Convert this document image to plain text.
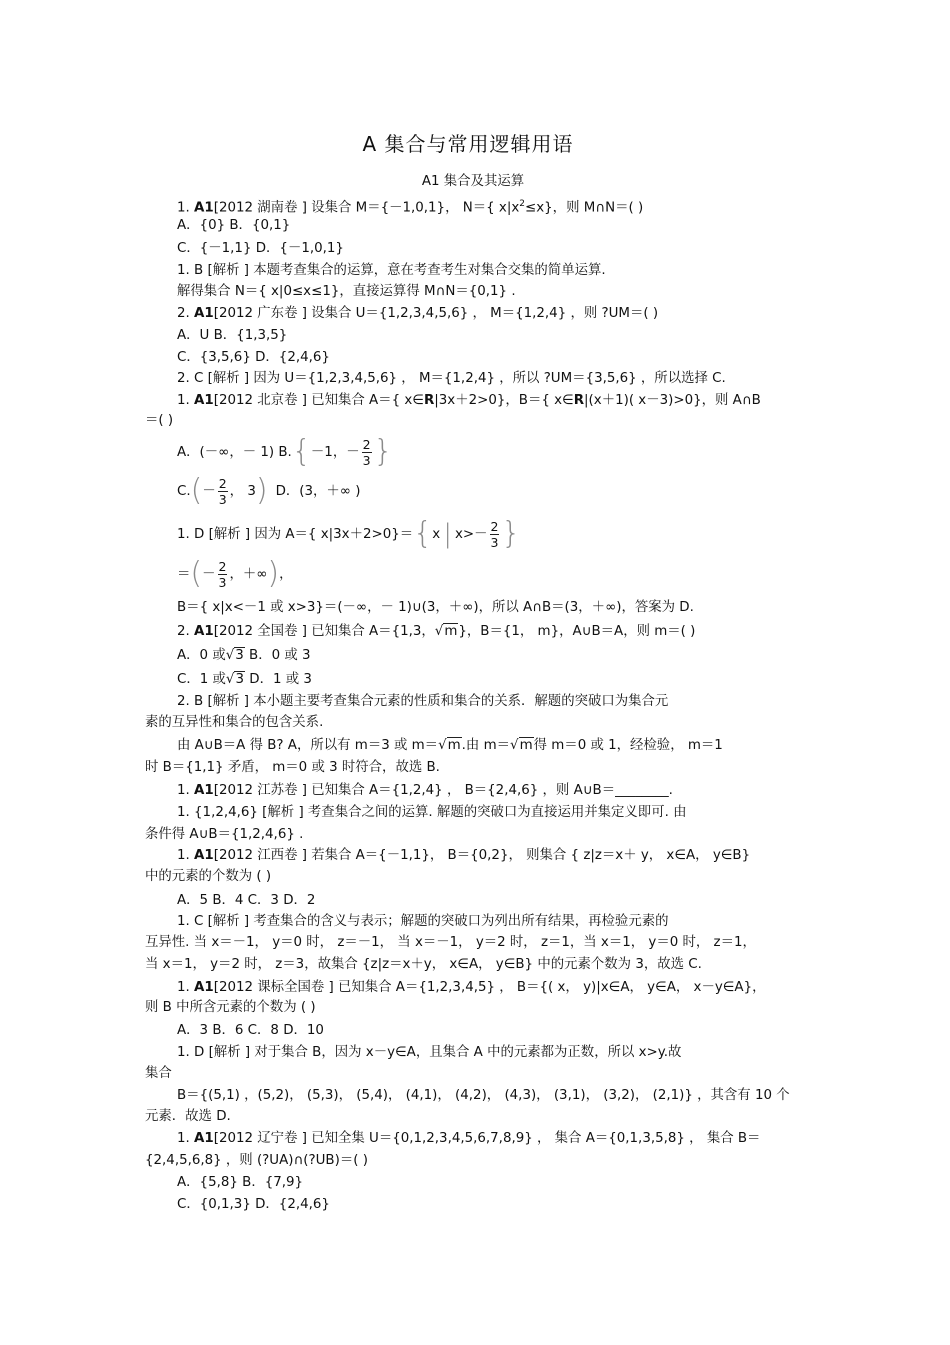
A 集合与常用逻辑用语
A1 集合及其运算
1. A1[2012 湖南卷 ] 设集合 M＝{－1,0,1}， N＝{ $x|x^2\le x$}，则 M∩N＝( )
A．{0} B．{0,1}
C．{－1,1} D．{－1,0,1}
1. B [解析 ] 本题考查集合的运算，意在考查考生对集合交集的简单运算.
解得集合 N＝{ x|0≤x≤1}，直接运算得 M∩N＝{0,1} .
2. A1[2012 广东卷 ] 设集合 U＝{1,2,3,4,5,6} ， M＝{1,2,4} ，则 ?UM＝( )
A．U B．{1,3,5}
C．{3,5,6} D．{2,4,6}
2. C [解析 ] 因为 U＝{1,2,3,4,5,6} ， M＝{1,2,4} ，所以 ?UM＝{3,5,6} ，所以选择 C.
1. A1[2012 北京卷 ] 已知集合 A＝{ x∈R|3x＋2>0}，B＝{ x∈R|(x＋1)( x－3)>0}，则 A∩B
＝( )
A．(－∞，－ 1) B.{－1，－ $\frac{2}{3}$ }
$C.(- \frac{2}{3}$ ， 3) D．(3，＋∞ )
1. D [解析 ] 因为 A＝{ x|3x＋2>0}＝{x | $x>- \frac{2}{3}$ }
＝(－ $\frac{2}{3}$ ，＋∞)，
B＝{ x|x<－1 或 x>3}＝(－∞，－ 1)∪(3，＋∞)，所以 A∩B＝(3，＋∞)，答案为 D.
2. A1[2012 全国卷 ] 已知集合 A＝{1,3，√m}，B＝{1， m}，A∪B＝A，则 m＝( )
A．0 或√3 B．0 或 3
C．1 或√3 D．1 或 3
2. B [解析 ] 本小题主要考查集合元素的性质和集合的关系．解题的突破口为集合元
素的互异性和集合的包含关系.
由 A∪B＝A 得 B? A，所以有 m＝3 或 m＝√m.由 m＝√m得 m＝0 或 1，经检验， m＝1
时 B＝{1,1} 矛盾， m＝0 或 3 时符合，故选 B.
1. A1[2012 江苏卷 ] 已知集合 A＝{1,2,4} ， B＝{2,4,6} ，则 A∪B＝________.
1. {1,2,4,6} [解析 ] 考查集合之间的运算. 解题的突破口为直接运用并集定义即可. 由
条件得 A∪B＝{1,2,4,6} .
1. A1[2012 江西卷 ] 若集合 A＝{－1,1}， B＝{0,2}， 则集合 { z|z＝x＋ y， x∈A， y∈B}
中的元素的个数为 ( )
A．5 B．4 C．3 D．2
1. C [解析 ] 考查集合的含义与表示；解题的突破口为列出所有结果，再检验元素的
互异性. 当 x＝－1， y＝0 时， z＝－1， 当 x＝－1， y＝2 时， z＝1，当 x＝1， y＝0 时， z＝1，
当 x＝1， y＝2 时， z＝3，故集合 {z|z＝x＋y， x∈A， y∈B} 中的元素个数为 3，故选 C.
1. A1[2012 课标全国卷 ] 已知集合 A＝{1,2,3,4,5} ， B＝{( x， y)|x∈A， y∈A， x－y∈A}，
则 B 中所含元素的个数为 ( )
A．3 B．6 C．8 D．10
1. D [解析 ] 对于集合 B，因为 x－y∈A，且集合 A 中的元素都为正数，所以 x>y.故
集合
B＝{(5,1) ，(5,2)， (5,3)， (5,4)， (4,1)， (4,2)， (4,3)， (3,1)， (3,2)， (2,1)} ，其含有 10 个
元素．故选 D.
1. A1[2012 辽宁卷 ] 已知全集 U＝{0,1,2,3,4,5,6,7,8,9} ， 集合 A＝{0,1,3,5,8} ， 集合 B＝
{2,4,5,6,8} ，则 (?UA)∩(?UB)＝( )
A．{5,8} B．{7,9}
C．{0,1,3} D．{2,4,6}
